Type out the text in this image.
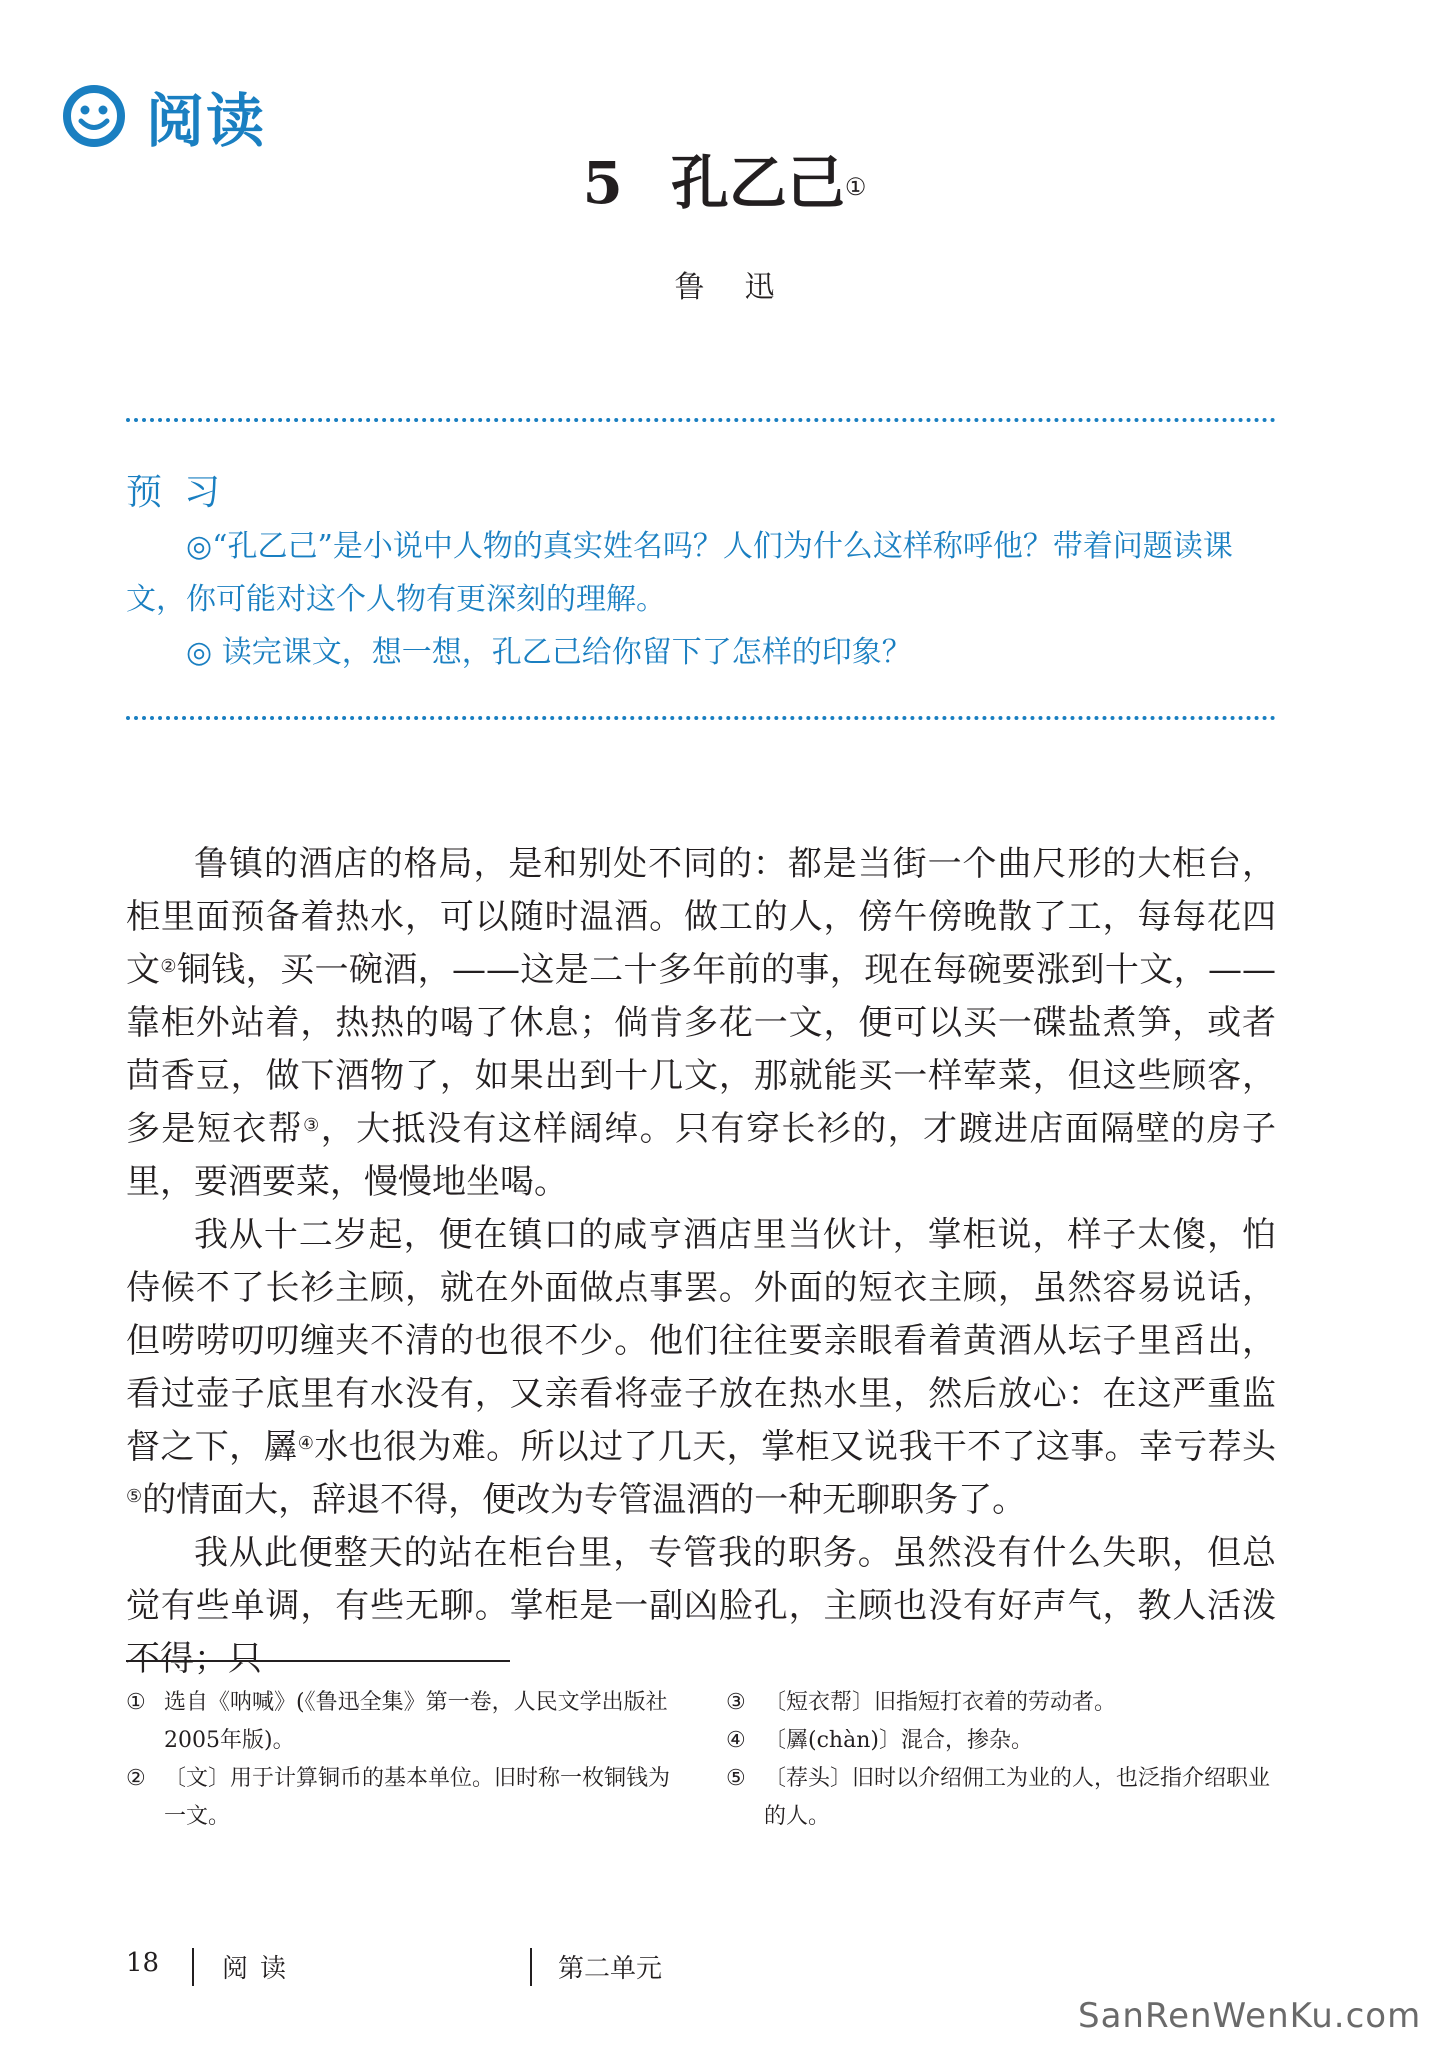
阅读
5 孔乙己①
鲁迅
预习

◎“孔乙己”是小说中人物的真实姓名吗？人们为什么这样称呼他？带着问题读课文，你可能对这个人物有更深刻的理解。

◎ 读完课文，想一想，孔乙己给你留下了怎样的印象？

鲁镇的酒店的格局，是和别处不同的：都是当街一个曲尺形的大柜台，柜里面预备着热水，可以随时温酒。做工的人，傍午傍晚散了工，每每花四文②铜钱，买一碗酒，——这是二十多年前的事，现在每碗要涨到十文，——靠柜外站着，热热的喝了休息；倘肯多花一文，便可以买一碟盐煮笋，或者茴香豆，做下酒物了，如果出到十几文，那就能买一样荤菜，但这些顾客，多是短衣帮③，大抵没有这样阔绰。只有穿长衫的，才踱进店面隔壁的房子里，要酒要菜，慢慢地坐喝。

我从十二岁起，便在镇口的咸亨酒店里当伙计，掌柜说，样子太傻，怕侍候不了长衫主顾，就在外面做点事罢。外面的短衣主顾，虽然容易说话，但唠唠叨叨缠夹不清的也很不少。他们往往要亲眼看着黄酒从坛子里舀出，看过壶子底里有水没有，又亲看将壶子放在热水里，然后放心：在这严重监督之下，羼④水也很为难。所以过了几天，掌柜又说我干不了这事。幸亏荐头⑤的情面大，辞退不得，便改为专管温酒的一种无聊职务了。

我从此便整天的站在柜台里，专管我的职务。虽然没有什么失职，但总觉有些单调，有些无聊。掌柜是一副凶脸孔，主顾也没有好声气，教人活泼不得；只

① 选自《呐喊》(《鲁迅全集》第一卷，人民文学出版社2005年版)。
② 〔文〕用于计算铜币的基本单位。旧时称一枚铜钱为一文。
③ 〔短衣帮〕旧指短打衣着的劳动者。
④ 〔羼(chàn)〕混合，掺杂。
⑤ 〔荐头〕旧时以介绍佣工为业的人，也泛指介绍职业的人。
18 阅读	第二单元
SanRenWenKu.com
